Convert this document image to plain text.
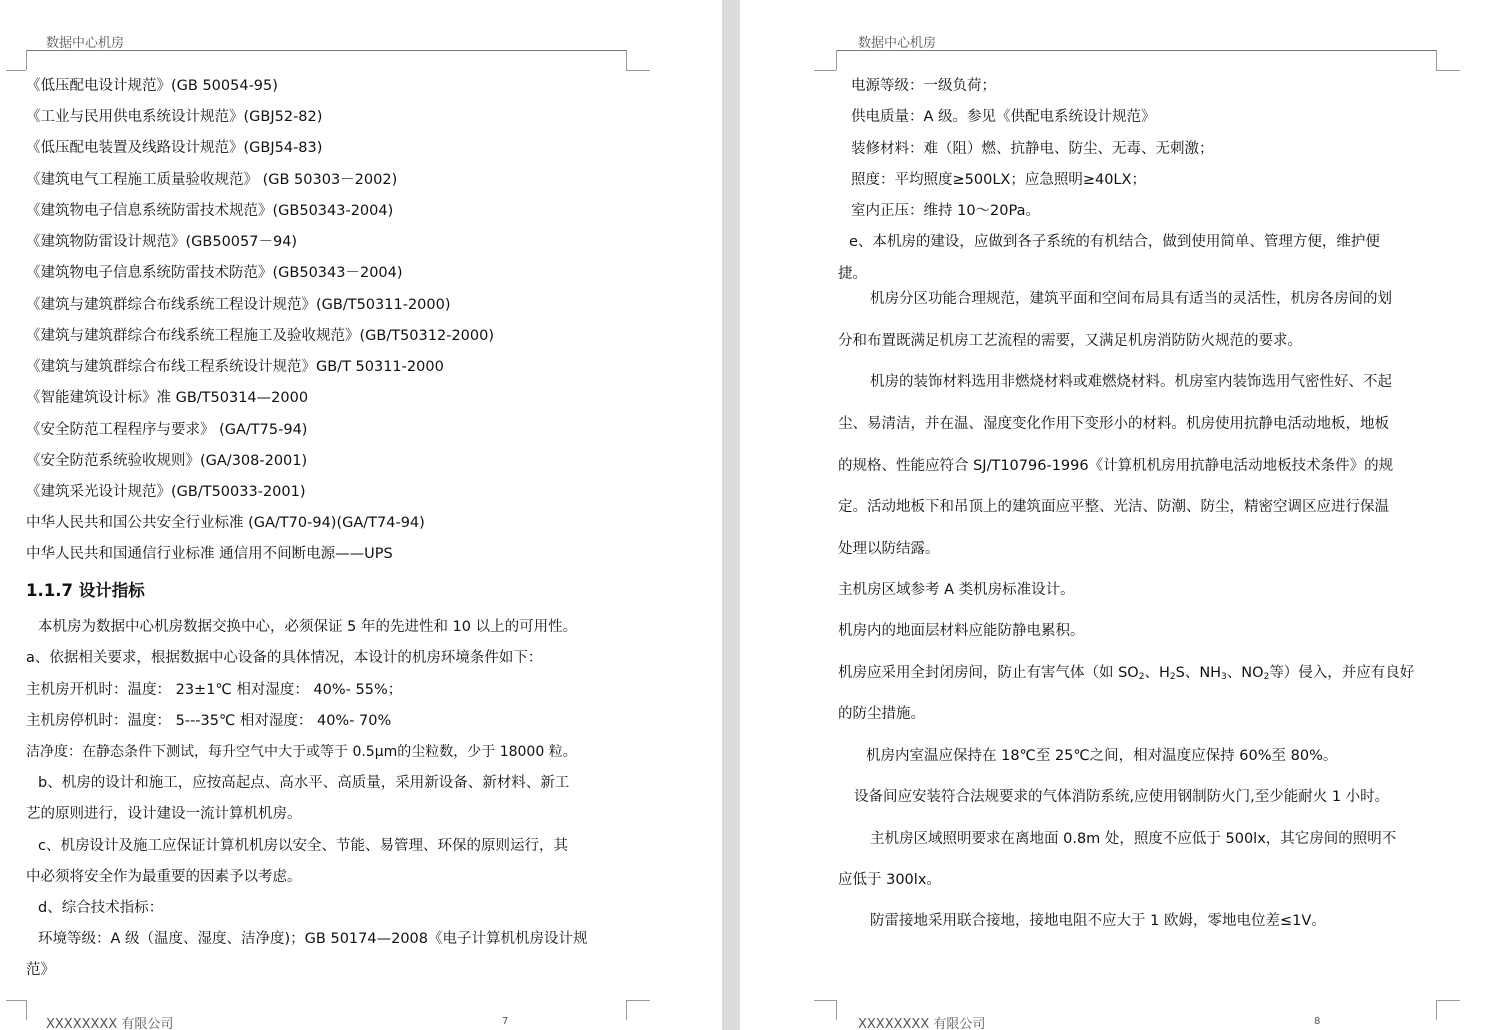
数据中心机房
《低压配电设计规范》(GB 50054-95)
《工业与民用供电系统设计规范》(GBJ52-82)
《低压配电装置及线路设计规范》(GBJ54-83)
《建筑电气工程施工质量验收规范》 (GB 50303－2002)
《建筑物电子信息系统防雷技术规范》(GB50343-2004)
《建筑物防雷设计规范》(GB50057－94)
《建筑物电子信息系统防雷技术防范》(GB50343－2004)
《建筑与建筑群综合布线系统工程设计规范》(GB/T50311-2000)
《建筑与建筑群综合布线系统工程施工及验收规范》(GB/T50312-2000)
《建筑与建筑群综合布线工程系统设计规范》GB/T 50311-2000
《智能建筑设计标》准 GB/T50314—2000
《安全防范工程程序与要求》 (GA/T75-94)
《安全防范系统验收规则》(GA/308-2001)
《建筑采光设计规范》(GB/T50033-2001)
中华人民共和国公共安全行业标准 (GA/T70-94)(GA/T74-94)
中华人民共和国通信行业标准 通信用不间断电源——UPS
1.1.7 设计指标
本机房为数据中心机房数据交换中心，必须保证 5 年的先进性和 10 以上的可用性。
a、依据相关要求，根据数据中心设备的具体情况，本设计的机房环境条件如下：
主机房开机时：温度： 23±1℃ 相对湿度： 40%- 55%；
主机房停机时：温度： 5---35℃ 相对湿度： 40%- 70%
洁净度：在静态条件下测试，每升空气中大于或等于 0.5μm的尘粒数，少于 18000 粒。
b、机房的设计和施工，应按高起点、高水平、高质量，采用新设备、新材料、新工
艺的原则进行，设计建设一流计算机机房。
c、机房设计及施工应保证计算机机房以安全、节能、易管理、环保的原则运行，其
中必须将安全作为最重要的因素予以考虑。
d、综合技术指标：
环境等级：A 级（温度、湿度、洁净度)；GB 50174—2008《电子计算机机房设计规
范》
XXXXXXXX 有限公司	7
数据中心机房
电源等级：一级负荷；
供电质量：A 级。参见《供配电系统设计规范》
装修材料：难（阻）燃、抗静电、防尘、无毒、无刺激；
照度：平均照度≥500LX；应急照明≥40LX；
室内正压：维持 10～20Pa。
e、本机房的建设，应做到各子系统的有机结合，做到使用简单、管理方便，维护便
捷。
机房分区功能合理规范，建筑平面和空间布局具有适当的灵活性，机房各房间的划
分和布置既满足机房工艺流程的需要，又满足机房消防防火规范的要求。
机房的装饰材料选用非燃烧材料或难燃烧材料。机房室内装饰选用气密性好、不起
尘、易清洁，并在温、湿度变化作用下变形小的材料。机房使用抗静电活动地板，地板
的规格、性能应符合 SJ/T10796-1996《计算机机房用抗静电活动地板技术条件》的规
定。活动地板下和吊顶上的建筑面应平整、光洁、防潮、防尘，精密空调区应进行保温
处理以防结露。
主机房区域参考 A 类机房标准设计。
机房内的地面层材料应能防静电累积。
机房应采用全封闭房间，防止有害气体（如 $SO_2$、$H_2S$、$NH_3$、$NO_2$等）侵入，并应有良好
的防尘措施。
机房内室温应保持在 18℃至 25℃之间，相对温度应保持 60%至 80%。
设备间应安装符合法规要求的气体消防系统,应使用钢制防火门,至少能耐火 1 小时。
主机房区域照明要求在离地面 0.8m 处，照度不应低于 500lx，其它房间的照明不
应低于 300lx。
防雷接地采用联合接地，接地电阻不应大于 1 欧姆，零地电位差≤1V。
XXXXXXXX 有限公司	8
